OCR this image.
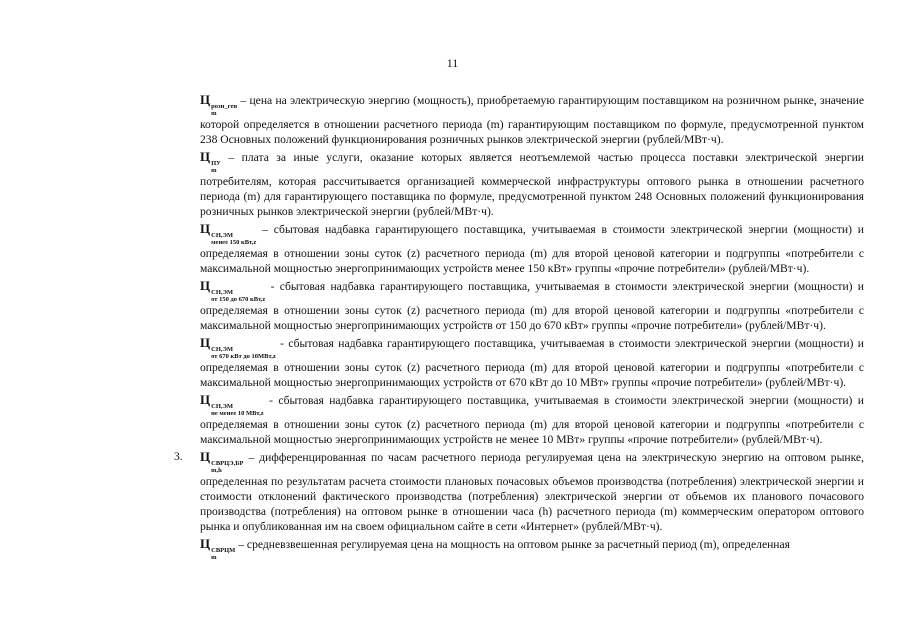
11

Ц розн_ген
m
– цена на электрическую энергию (мощность), приобретаемую гарантирующим поставщиком на розничном рынке, значение которой определяется в отношении расчетного периода (m) гарантирующим поставщиком по формуле, предусмотренной пунктом 238 Основных положений функционирования розничных рынков электрической энергии (рублей/МВт·ч).

Ц ПУ
m
– плата за иные услуги, оказание которых является неотъемлемой частью процесса поставки электрической энергии потребителям, которая рассчитывается организацией коммерческой инфраструктуры оптового рынка в отношении расчетного периода (m) для гарантирующего поставщика по формуле, предусмотренной пунктом 248 Основных положений функционирования розничных рынков электрической энергии (рублей/МВт·ч).

Ц СН,ЭМ
менее 150 кВт,z
– сбытовая надбавка гарантирующего поставщика, учитываемая в стоимости электрической энергии (мощности) и определяемая в отношении зоны суток (z) расчетного периода (m) для второй ценовой категории и подгруппы «потребители с максимальной мощностью энергопринимающих устройств менее 150 кВт» группы «прочие потребители» (рублей/МВт·ч).

Ц СН,ЭМ
от 150 до 670 кВт,z
- сбытовая надбавка гарантирующего поставщика, учитываемая в стоимости электрической энергии (мощности) и определяемая в отношении зоны суток (z) расчетного периода (m) для второй ценовой категории и подгруппы «потребители с максимальной мощностью энергопринимающих устройств от 150 до 670 кВт» группы «прочие потребители» (рублей/МВт·ч).

Ц СН,ЭМ
от 670 кВт до 10МВт,z
- сбытовая надбавка гарантирующего поставщика, учитываемая в стоимости электрической энергии (мощности) и определяемая в отношении зоны суток (z) расчетного периода (m) для второй ценовой категории и подгруппы «потребители с максимальной мощностью энергопринимающих устройств от 670 кВт до 10 МВт» группы «прочие потребители» (рублей/МВт·ч).

Ц СН,ЭМ
не менее 10 МВт,z
- сбытовая надбавка гарантирующего поставщика, учитываемая в стоимости электрической энергии (мощности) и определяемая в отношении зоны суток (z) расчетного периода (m) для второй ценовой категории и подгруппы «потребители с максимальной мощностью энергопринимающих устройств не менее 10 МВт» группы «прочие потребители» (рублей/МВт·ч).

3. Ц СВРЦЭ,БР
m,h
– дифференцированная по часам расчетного периода регулируемая цена на электрическую энергию на оптовом рынке, определенная по результатам расчета стоимости плановых почасовых объемов производства (потребления) электрической энергии и стоимости отклонений фактического производства (потребления) электрической энергии от объемов их планового почасового производства (потребления) на оптовом рынке в отношении часа (h) расчетного периода (m) коммерческим оператором оптового рынка и опубликованная им на своем официальном сайте в сети «Интернет» (рублей/МВт·ч).

Ц СВРЦМ
m
– средневзвешенная регулируемая цена на мощность на оптовом рынке за расчетный период (m), определенная
